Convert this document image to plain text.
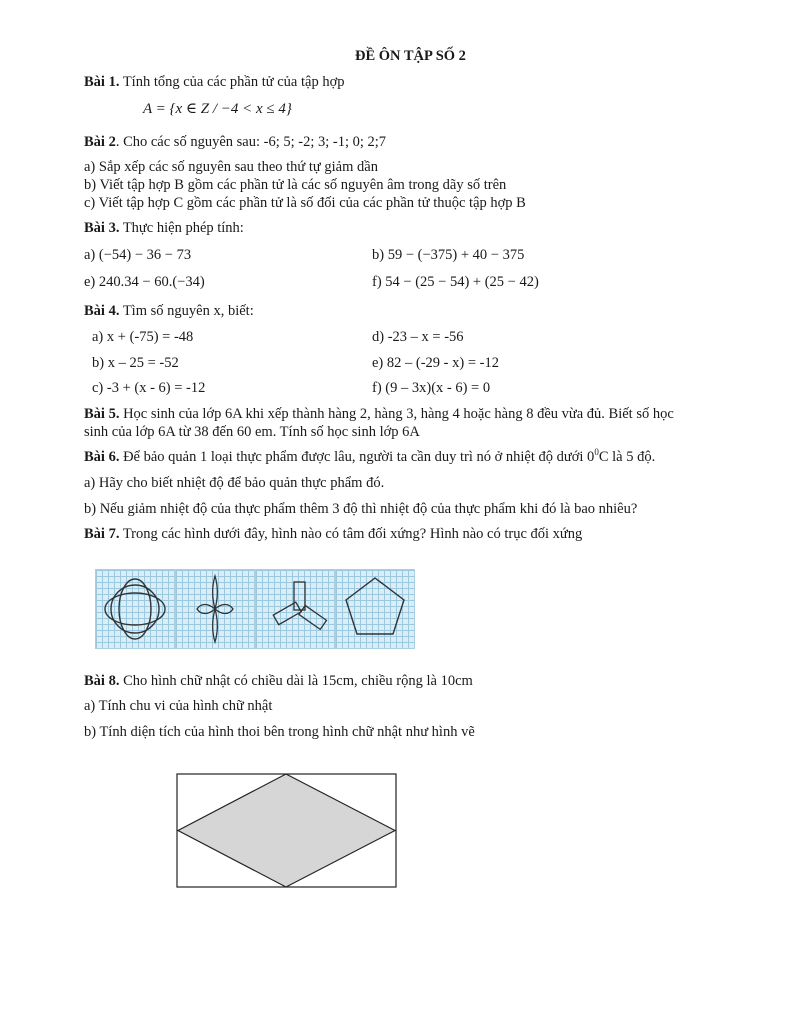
ĐỀ ÔN TẬP SỐ 2
Bài 1. Tính tổng của các phần tử của tập hợp
A = {x ∈ Z / −4 < x ≤ 4}
Bài 2. Cho các số nguyên sau: -6; 5; -2; 3; -1; 0; 2;7
a) Sắp xếp các số nguyên sau theo thứ tự giảm dần
b) Viết tập hợp B gồm các phần tử là các số nguyên âm trong dãy số trên
c) Viết tập hợp C gồm các phần tử là số đối của các phần tử thuộc tập hợp B
Bài 3. Thực hiện phép tính:
a) (−54) − 36 − 73	b) 59 − (−375) + 40 − 375
e) 240.34 − 60.(−34)	f) 54 − (25 − 54) + (25 − 42)
Bài 4. Tìm số nguyên x, biết:
a) x + (-75) = -48	d) -23 – x = -56
b) x – 25 = -52	e) 82 – (-29 - x) = -12
c) -3 + (x - 6) = -12	f) (9 – 3x)(x - 6) = 0
Bài 5. Học sinh của lớp 6A khi xếp thành hàng 2, hàng 3, hàng 4 hoặc hàng 8 đều vừa đủ. Biết số học
sinh của lớp 6A từ 38 đến 60 em. Tính số học sinh lớp 6A
Bài 6. Để bảo quản 1 loại thực phẩm được lâu, người ta cần duy trì nó ở nhiệt độ dưới $0^0C$ là 5 độ.
a) Hãy cho biết nhiệt độ để bảo quản thực phẩm đó.
b) Nếu giảm nhiệt độ của thực phẩm thêm 3 độ thì nhiệt độ của thực phẩm khi đó là bao nhiêu?
Bài 7. Trong các hình dưới đây, hình nào có tâm đối xứng? Hình nào có trục đối xứng
Bài 8. Cho hình chữ nhật có chiều dài là 15cm, chiều rộng là 10cm
a) Tính chu vi của hình chữ nhật
b) Tính diện tích của hình thoi bên trong hình chữ nhật như hình vẽ
